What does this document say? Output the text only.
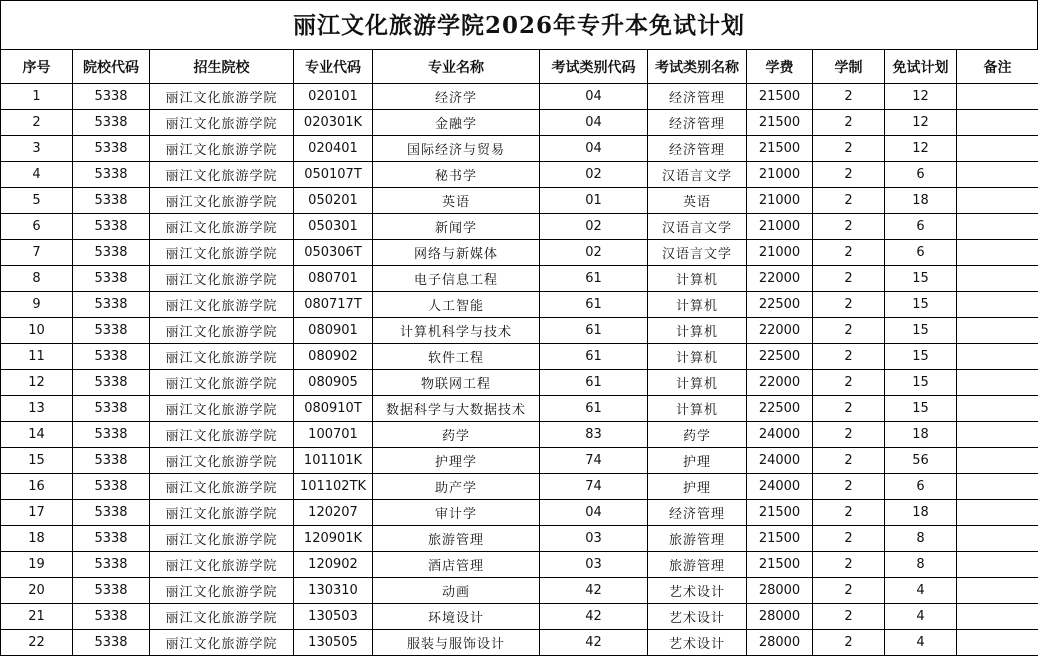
丽江文化旅游学院2026年专升本免试计划
序号	院校代码	招生院校	专业代码	专业名称	考试类别代码	考试类别名称	学费	学制	免试计划	备注
1	5338	丽江文化旅游学院	020101	经济学	04	经济管理	21500	2	12	
2	5338	丽江文化旅游学院	020301K	金融学	04	经济管理	21500	2	12	
3	5338	丽江文化旅游学院	020401	国际经济与贸易	04	经济管理	21500	2	12	
4	5338	丽江文化旅游学院	050107T	秘书学	02	汉语言文学	21000	2	6	
5	5338	丽江文化旅游学院	050201	英语	01	英语	21000	2	18	
6	5338	丽江文化旅游学院	050301	新闻学	02	汉语言文学	21000	2	6	
7	5338	丽江文化旅游学院	050306T	网络与新媒体	02	汉语言文学	21000	2	6	
8	5338	丽江文化旅游学院	080701	电子信息工程	61	计算机	22000	2	15	
9	5338	丽江文化旅游学院	080717T	人工智能	61	计算机	22500	2	15	
10	5338	丽江文化旅游学院	080901	计算机科学与技术	61	计算机	22000	2	15	
11	5338	丽江文化旅游学院	080902	软件工程	61	计算机	22500	2	15	
12	5338	丽江文化旅游学院	080905	物联网工程	61	计算机	22000	2	15	
13	5338	丽江文化旅游学院	080910T	数据科学与大数据技术	61	计算机	22500	2	15	
14	5338	丽江文化旅游学院	100701	药学	83	药学	24000	2	18	
15	5338	丽江文化旅游学院	101101K	护理学	74	护理	24000	2	56	
16	5338	丽江文化旅游学院	101102TK	助产学	74	护理	24000	2	6	
17	5338	丽江文化旅游学院	120207	审计学	04	经济管理	21500	2	18	
18	5338	丽江文化旅游学院	120901K	旅游管理	03	旅游管理	21500	2	8	
19	5338	丽江文化旅游学院	120902	酒店管理	03	旅游管理	21500	2	8	
20	5338	丽江文化旅游学院	130310	动画	42	艺术设计	28000	2	4	
21	5338	丽江文化旅游学院	130503	环境设计	42	艺术设计	28000	2	4	
22	5338	丽江文化旅游学院	130505	服装与服饰设计	42	艺术设计	28000	2	4	
